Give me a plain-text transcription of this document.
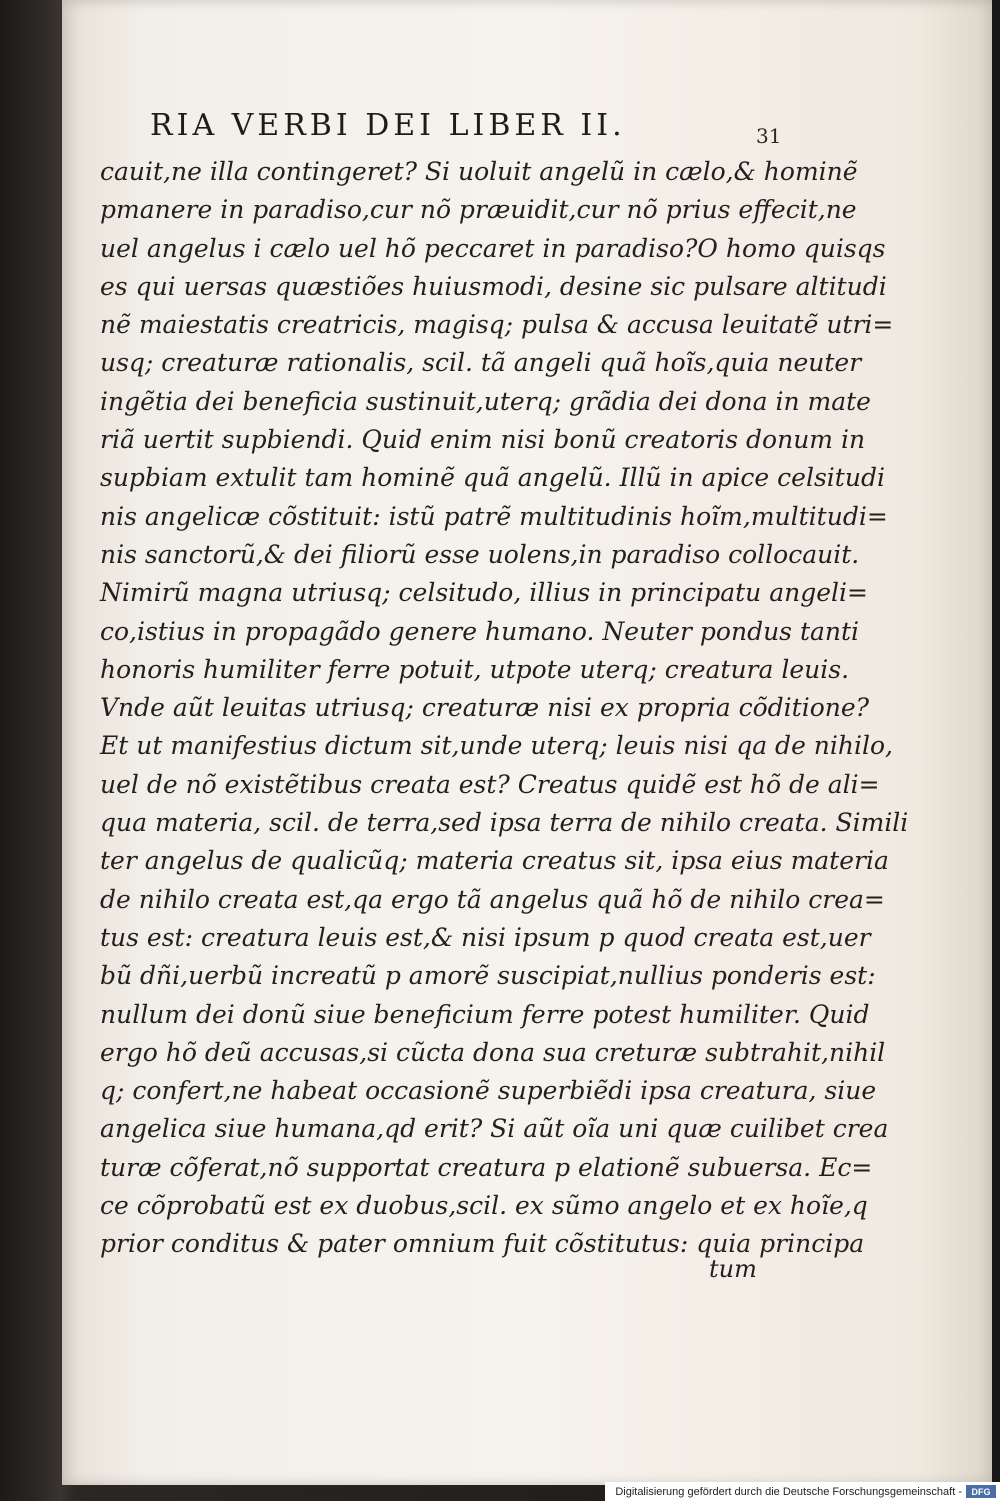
RIA VERBI DEI LIBER II.	31
cauit,ne illa contingeret? Si uoluit angelũ in cælo,& hominẽ
pmanere in paradiso,cur nõ præuidit,cur nõ prius effecit,ne
uel angelus i cælo uel hõ peccaret in paradiso?O homo quisqs
es qui uersas quæstiões huiusmodi, desine sic pulsare altitudi
nẽ maiestatis creatricis, magisq; pulsa & accusa leuitatẽ utri=
usq; creaturæ rationalis, scil. tã angeli quã hoĩs,quia neuter
ingẽtia dei beneficia sustinuit,uterq; grãdia dei dona in mate
riã uertit supbiendi. Quid enim nisi bonũ creatoris donum in
supbiam extulit tam hominẽ quã angelũ. Illũ in apice celsitudi
nis angelicæ cõstituit: istũ patrẽ multitudinis hoĩm,multitudi=
nis sanctorũ,& dei filiorũ esse uolens,in paradiso collocauit.
Nimirũ magna utriusq; celsitudo, illius in principatu angeli=
co,istius in propagãdo genere humano. Neuter pondus tanti
honoris humiliter ferre potuit, utpote uterq; creatura leuis.
Vnde aũt leuitas utriusq; creaturæ nisi ex propria cõditione?
Et ut manifestius dictum sit,unde uterq; leuis nisi qa de nihilo,
uel de nõ existẽtibus creata est? Creatus quidẽ est hõ de ali=
qua materia, scil. de terra,sed ipsa terra de nihilo creata. Simili
ter angelus de qualicũq; materia creatus sit, ipsa eius materia
de nihilo creata est,qa ergo tã angelus quã hõ de nihilo crea=
tus est: creatura leuis est,& nisi ipsum p quod creata est,uer
bũ dñi,uerbũ increatũ p amorẽ suscipiat,nullius ponderis est:
nullum dei donũ siue beneficium ferre potest humiliter. Quid
ergo hõ deũ accusas,si cũcta dona sua creturæ subtrahit,nihil
q; confert,ne habeat occasionẽ superbiẽdi ipsa creatura, siue
angelica siue humana,qd erit? Si aũt oĩa uni quæ cuilibet crea
turæ cõferat,nõ supportat creatura p elationẽ subuersa. Ec=
ce cõprobatũ est ex duobus,scil. ex sũmo angelo et ex hoĩe,q
prior conditus & pater omnium fuit cõstitutus: quia principa
tum
Digitalisierung gefördert durch die Deutsche Forschungsgemeinschaft -	DFG
